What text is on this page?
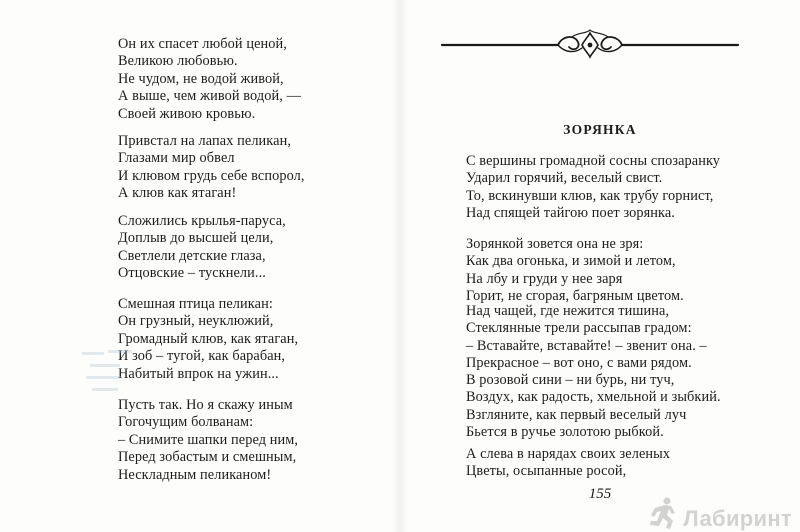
Он их спасет любой ценой,
Великою любовью.
Не чудом, не водой живой,
А выше, чем живой водой, —
Своей живою кровью.
Привстал на лапах пеликан,
Глазами мир обвел
И клювом грудь себе вспорол,
А клюв как ятаган!
Сложились крылья-паруса,
Доплыв до высшей цели,
Светлели детские глаза,
Отцовские – тускнели...
Смешная птица пеликан:
Он грузный, неуклюжий,
Громадный клюв, как ятаган,
И зоб – тугой, как барабан,
Набитый впрок на ужин...
Пусть так. Но я скажу иным
Гогочущим болванам:
– Снимите шапки перед ним,
Перед зобастым и смешным,
Нескладным пеликаном!
ЗОРЯНКА
155
С вершины громадной сосны спозаранку
Ударил горячий, веселый свист.
То, вскинувши клюв, как трубу горнист,
Над спящей тайгою поет зорянка.
Зорянкой зовется она не зря:
Как два огонька, и зимой и летом,
На лбу и груди у нее заря
Горит, не сгорая, багряным цветом.
Над чащей, где нежится тишина,
Стеклянные трели рассыпав градом:
– Вставайте, вставайте! – звенит она. –
Прекрасное – вот оно, с вами рядом.
В розовой сини – ни бурь, ни туч,
Воздух, как радость, хмельной и зыбкий.
Взгляните, как первый веселый луч
Бьется в ручье золотою рыбкой.
А слева в нарядах своих зеленых
Цветы, осыпанные росой,
Лабиринт
